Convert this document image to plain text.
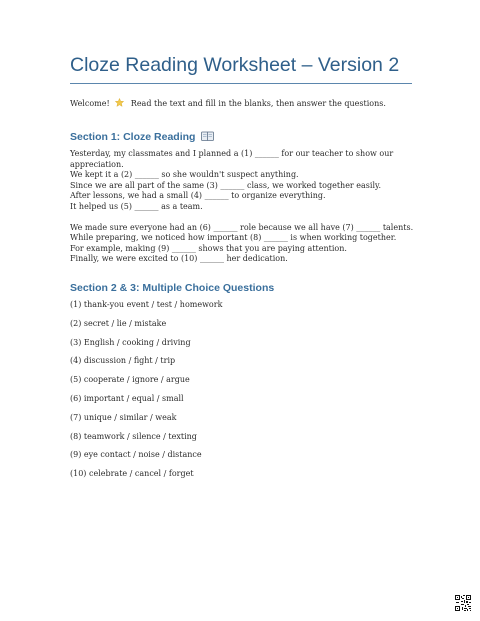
Cloze Reading Worksheet – Version 2
Welcome!	Read the text and fill in the blanks, then answer the questions.
Section 1: Cloze Reading
Yesterday, my classmates and I planned a (1) ______ for our teacher to show our
appreciation.
We kept it a (2) ______ so she wouldn't suspect anything.
Since we are all part of the same (3) ______ class, we worked together easily.
After lessons, we had a small (4) ______ to organize everything.
It helped us (5) ______ as a team.
We made sure everyone had an (6) ______ role because we all have (7) ______ talents.
While preparing, we noticed how important (8) ______ is when working together.
For example, making (9) ______ shows that you are paying attention.
Finally, we were excited to (10) ______ her dedication.
Section 2 & 3: Multiple Choice Questions
(1) thank-you event / test / homework
(2) secret / lie / mistake
(3) English / cooking / driving
(4) discussion / fight / trip
(5) cooperate / ignore / argue
(6) important / equal / small
(7) unique / similar / weak
(8) teamwork / silence / texting
(9) eye contact / noise / distance
(10) celebrate / cancel / forget
